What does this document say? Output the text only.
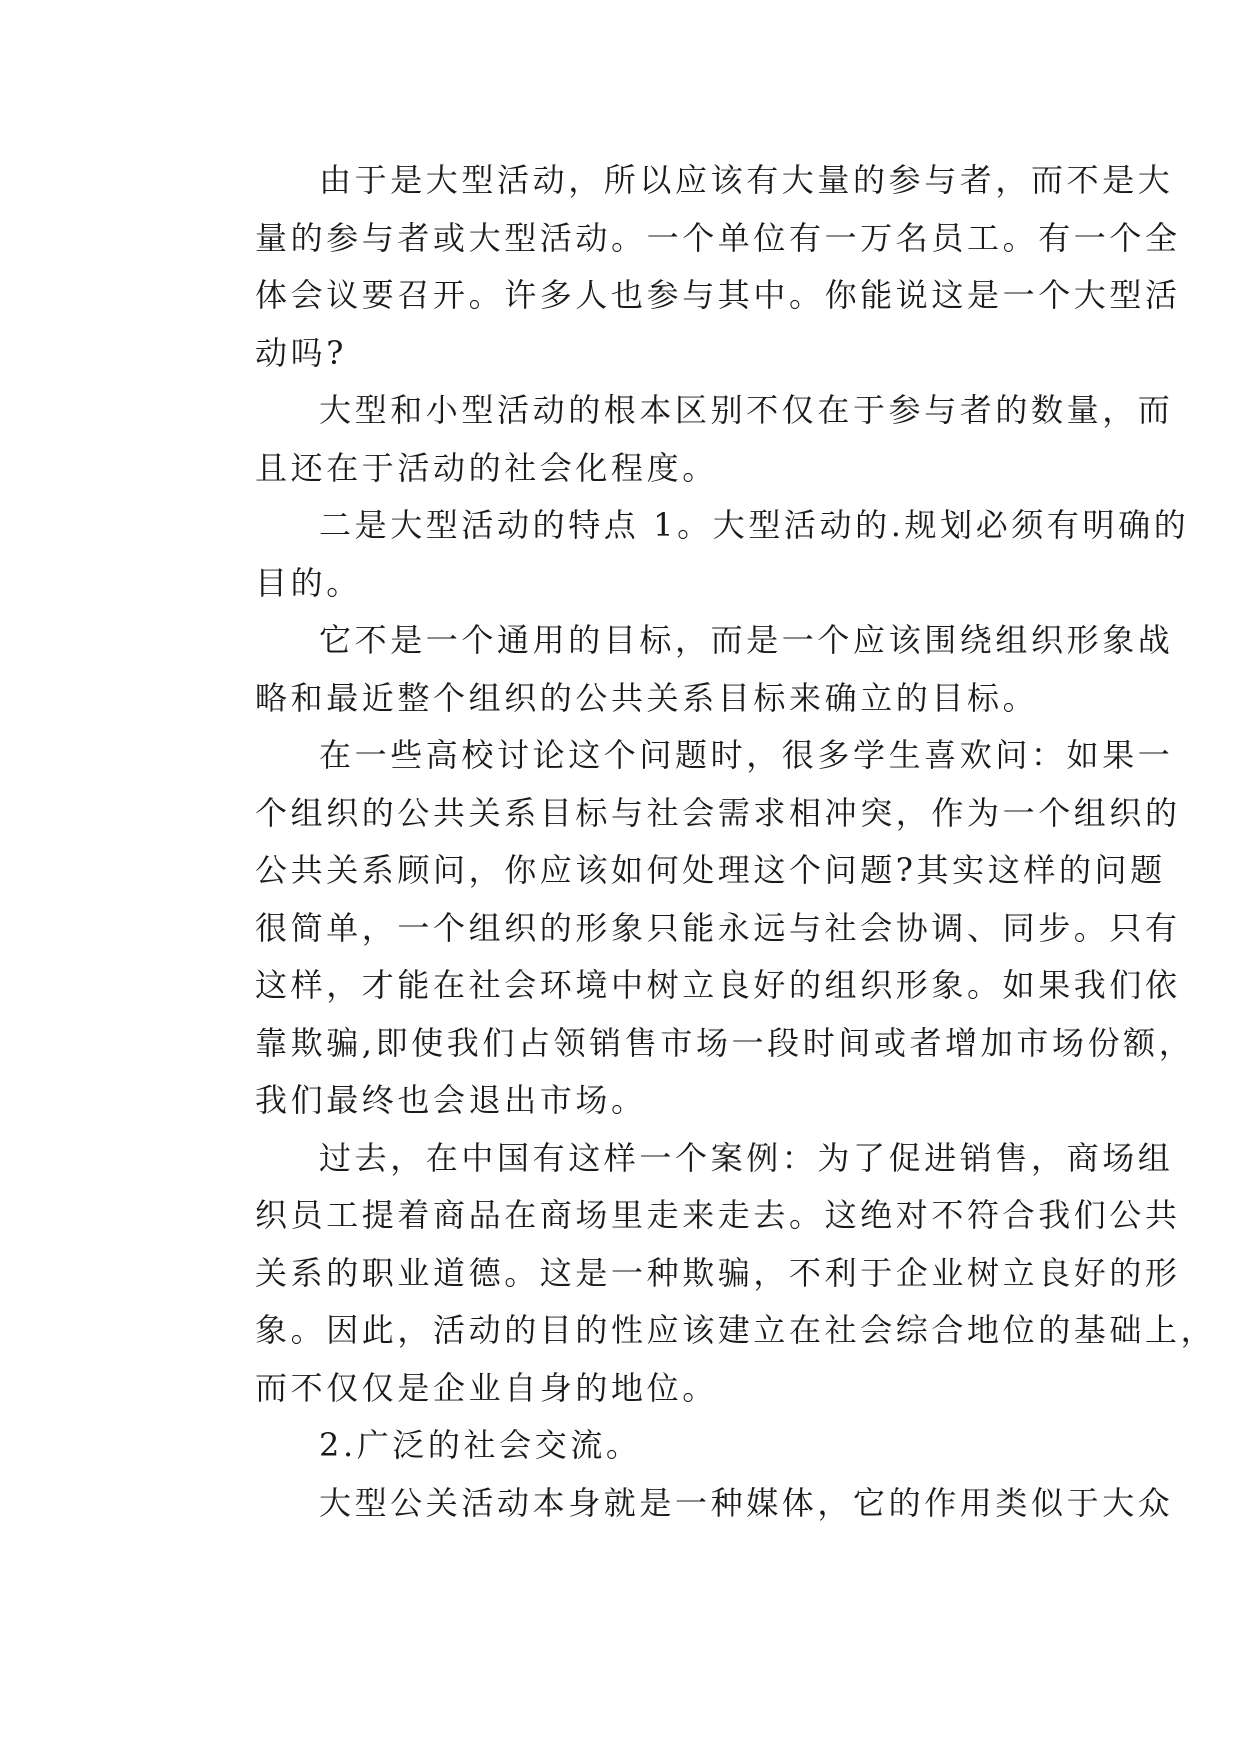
由于是大型活动，所以应该有大量的参与者，而不是大
量的参与者或大型活动。一个单位有一万名员工。有一个全
体会议要召开。许多人也参与其中。你能说这是一个大型活
动吗?
大型和小型活动的根本区别不仅在于参与者的数量，而
且还在于活动的社会化程度。
二是大型活动的特点 1。大型活动的.规划必须有明确的
目的。
它不是一个通用的目标，而是一个应该围绕组织形象战
略和最近整个组织的公共关系目标来确立的目标。
在一些高校讨论这个问题时，很多学生喜欢问：如果一
个组织的公共关系目标与社会需求相冲突，作为一个组织的
公共关系顾问，你应该如何处理这个问题?其实这样的问题
很简单，一个组织的形象只能永远与社会协调、同步。只有
这样，才能在社会环境中树立良好的组织形象。如果我们依
靠欺骗,即使我们占领销售市场一段时间或者增加市场份额，
我们最终也会退出市场。
过去，在中国有这样一个案例：为了促进销售，商场组
织员工提着商品在商场里走来走去。这绝对不符合我们公共
关系的职业道德。这是一种欺骗，不利于企业树立良好的形
象。因此，活动的目的性应该建立在社会综合地位的基础上，
而不仅仅是企业自身的地位。
2.广泛的社会交流。
大型公关活动本身就是一种媒体，它的作用类似于大众
